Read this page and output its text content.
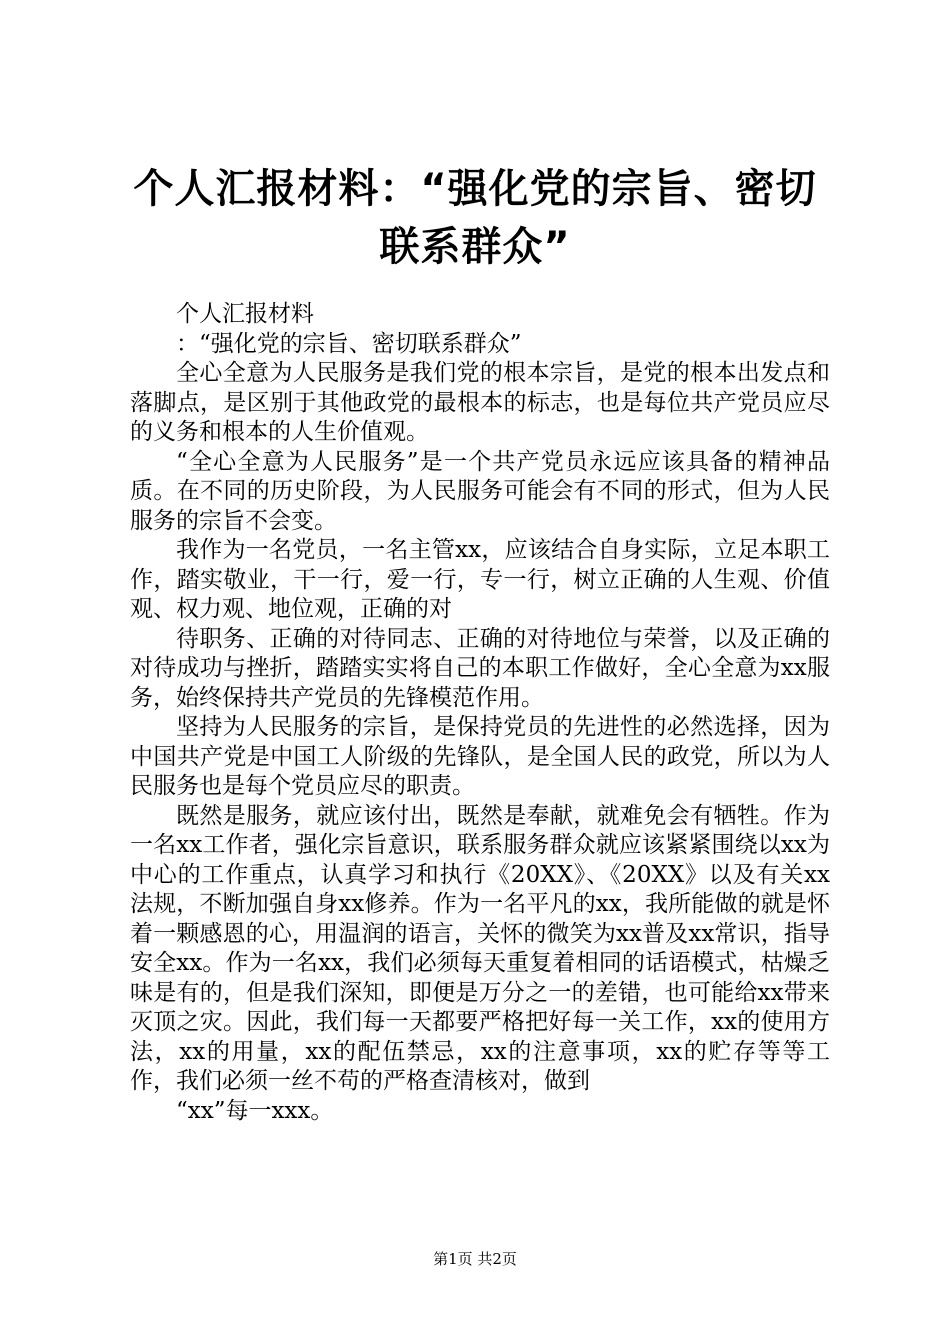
个人汇报材料：“强化党的宗旨、密切联系群众”

个人汇报材料

：“强化党的宗旨、密切联系群众”

全心全意为人民服务是我们党的根本宗旨，是党的根本出发点和落脚点，是区别于其他政党的最根本的标志，也是每位共产党员应尽的义务和根本的人生价值观。

“全心全意为人民服务”是一个共产党员永远应该具备的精神品质。在不同的历史阶段，为人民服务可能会有不同的形式，但为人民服务的宗旨不会变。

我作为一名党员，一名主管xx，应该结合自身实际，立足本职工作，踏实敬业，干一行，爱一行，专一行，树立正确的人生观、价值观、权力观、地位观，正确的对

待职务、正确的对待同志、正确的对待地位与荣誉，以及正确的对待成功与挫折，踏踏实实将自己的本职工作做好，全心全意为xx服务，始终保持共产党员的先锋模范作用。

坚持为人民服务的宗旨，是保持党员的先进性的必然选择，因为中国共产党是中国工人阶级的先锋队，是全国人民的政党，所以为人民服务也是每个党员应尽的职责。

既然是服务，就应该付出，既然是奉献，就难免会有牺牲。作为一名xx工作者，强化宗旨意识，联系服务群众就应该紧紧围绕以xx为中心的工作重点，认真学习和执行《20XX》、《20XX》以及有关xx法规，不断加强自身xx修养。作为一名平凡的xx，我所能做的就是怀着一颗感恩的心，用温润的语言，关怀的微笑为xx普及xx常识，指导安全xx。作为一名xx，我们必须每天重复着相同的话语模式，枯燥乏味是有的，但是我们深知，即便是万分之一的差错，也可能给xx带来灭顶之灾。因此，我们每一天都要严格把好每一关工作，xx的使用方法，xx的用量，xx的配伍禁忌，xx的注意事项，xx的贮存等等工作，我们必须一丝不苟的严格查清核对，做到

“xx”每一xxx。

第1页 共2页
